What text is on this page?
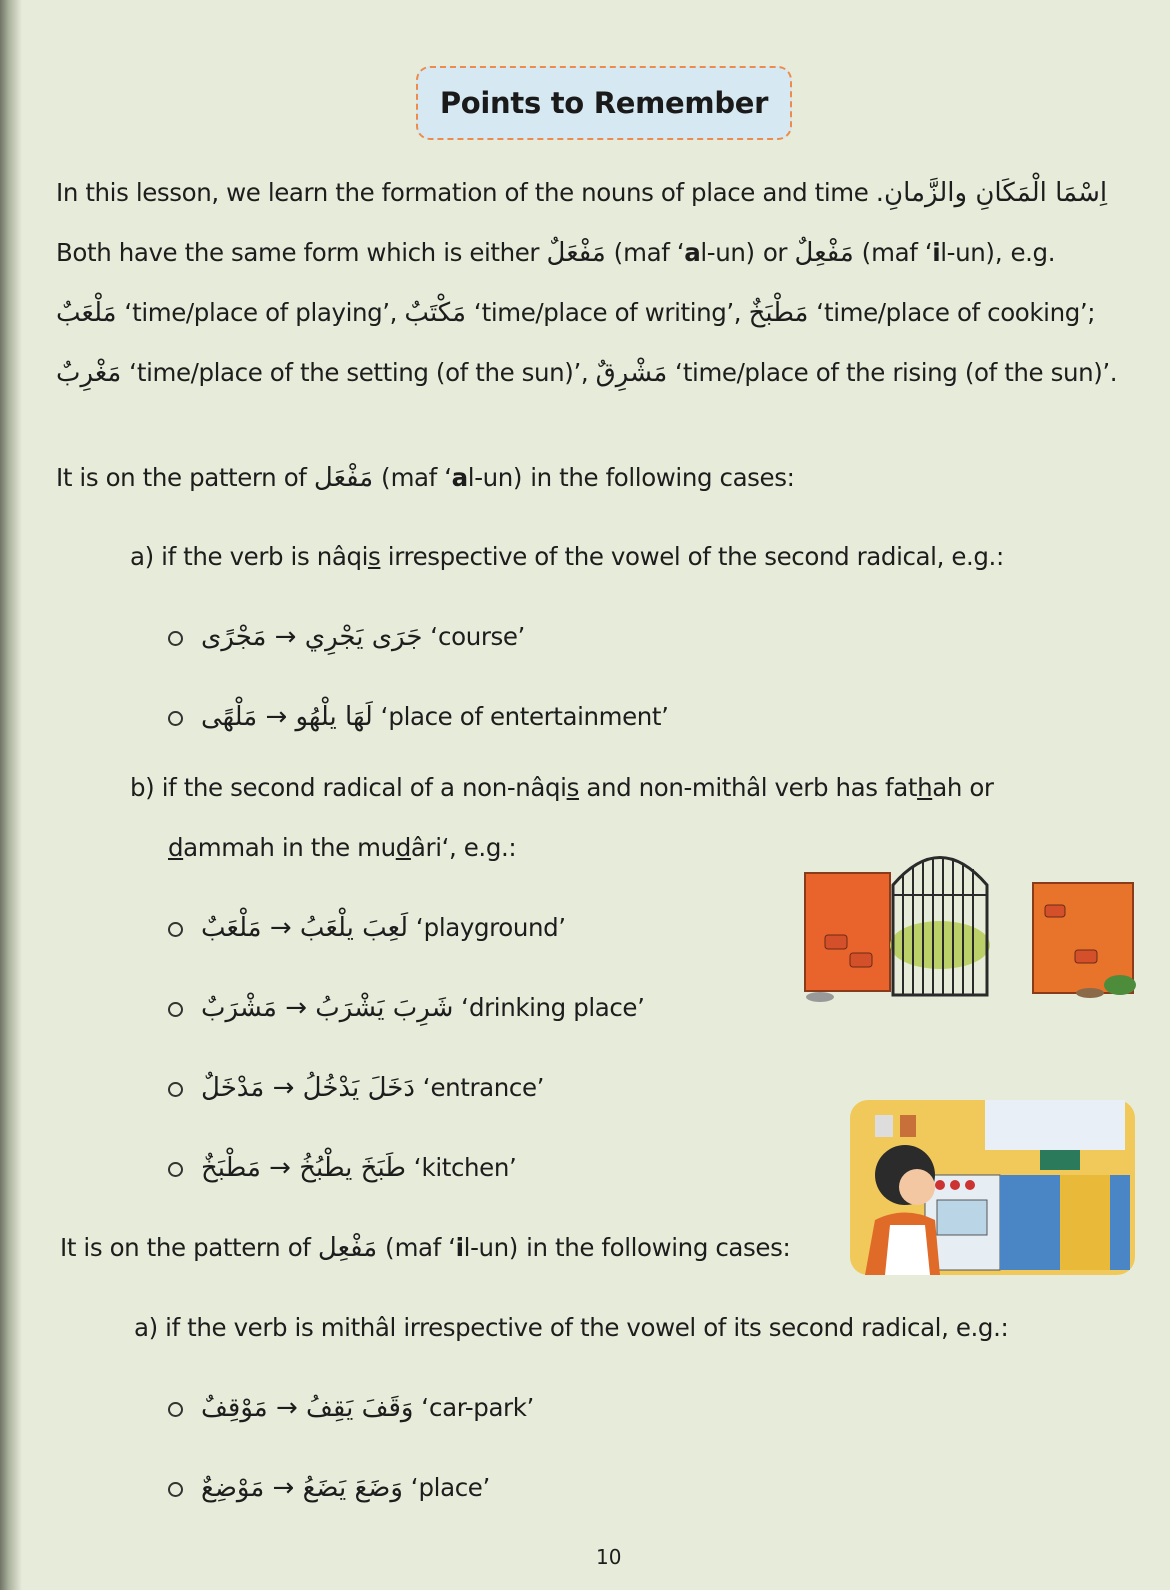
Points to Remember
In this lesson, we learn the formation of the nouns of place and time اِسْمَا الْمَكَانِ والزَّمانِ.
Both have the same form which is either مَفْعَلٌ (maf ‘al-un) or مَفْعِلٌ (maf ‘il-un), e.g.
مَلْعَبٌ ‘time/place of playing’, مَكْتَبٌ ‘time/place of writing’, مَطْبَخٌ ‘time/place of cooking’;
مَغْرِبٌ ‘time/place of the setting (of the sun)’, مَشْرِقٌ ‘time/place of the rising (of the sun)’.
It is on the pattern of مَفْعَل (maf ‘al-un) in the following cases:
a) if the verb is nâqis irrespective of the vowel of the second radical, e.g.:
جَرَى يَجْرِي → مَجْرًى ‘course’
لَهَا يلْهُو → مَلْهًى ‘place of entertainment’
b) if the second radical of a non-nâqis and non-mithâl verb has fathah or
dammah in the mudâri‘, e.g.:
لَعِبَ يلْعَبُ → مَلْعَبٌ ‘playground’
شَرِبَ يَشْرَبُ → مَشْرَبٌ ‘drinking place’
دَخَلَ يَدْخُلُ → مَدْخَلٌ ‘entrance’
طَبَخَ يطْبُخُ → مَطْبَخٌ ‘kitchen’
It is on the pattern of مَفْعِل (maf ‘il-un) in the following cases:
a) if the verb is mithâl irrespective of the vowel of its second radical, e.g.:
وَقَفَ يَقِفُ → مَوْقِفٌ ‘car-park’
وَضَعَ يَضَعُ → مَوْضِعٌ ‘place’
10
